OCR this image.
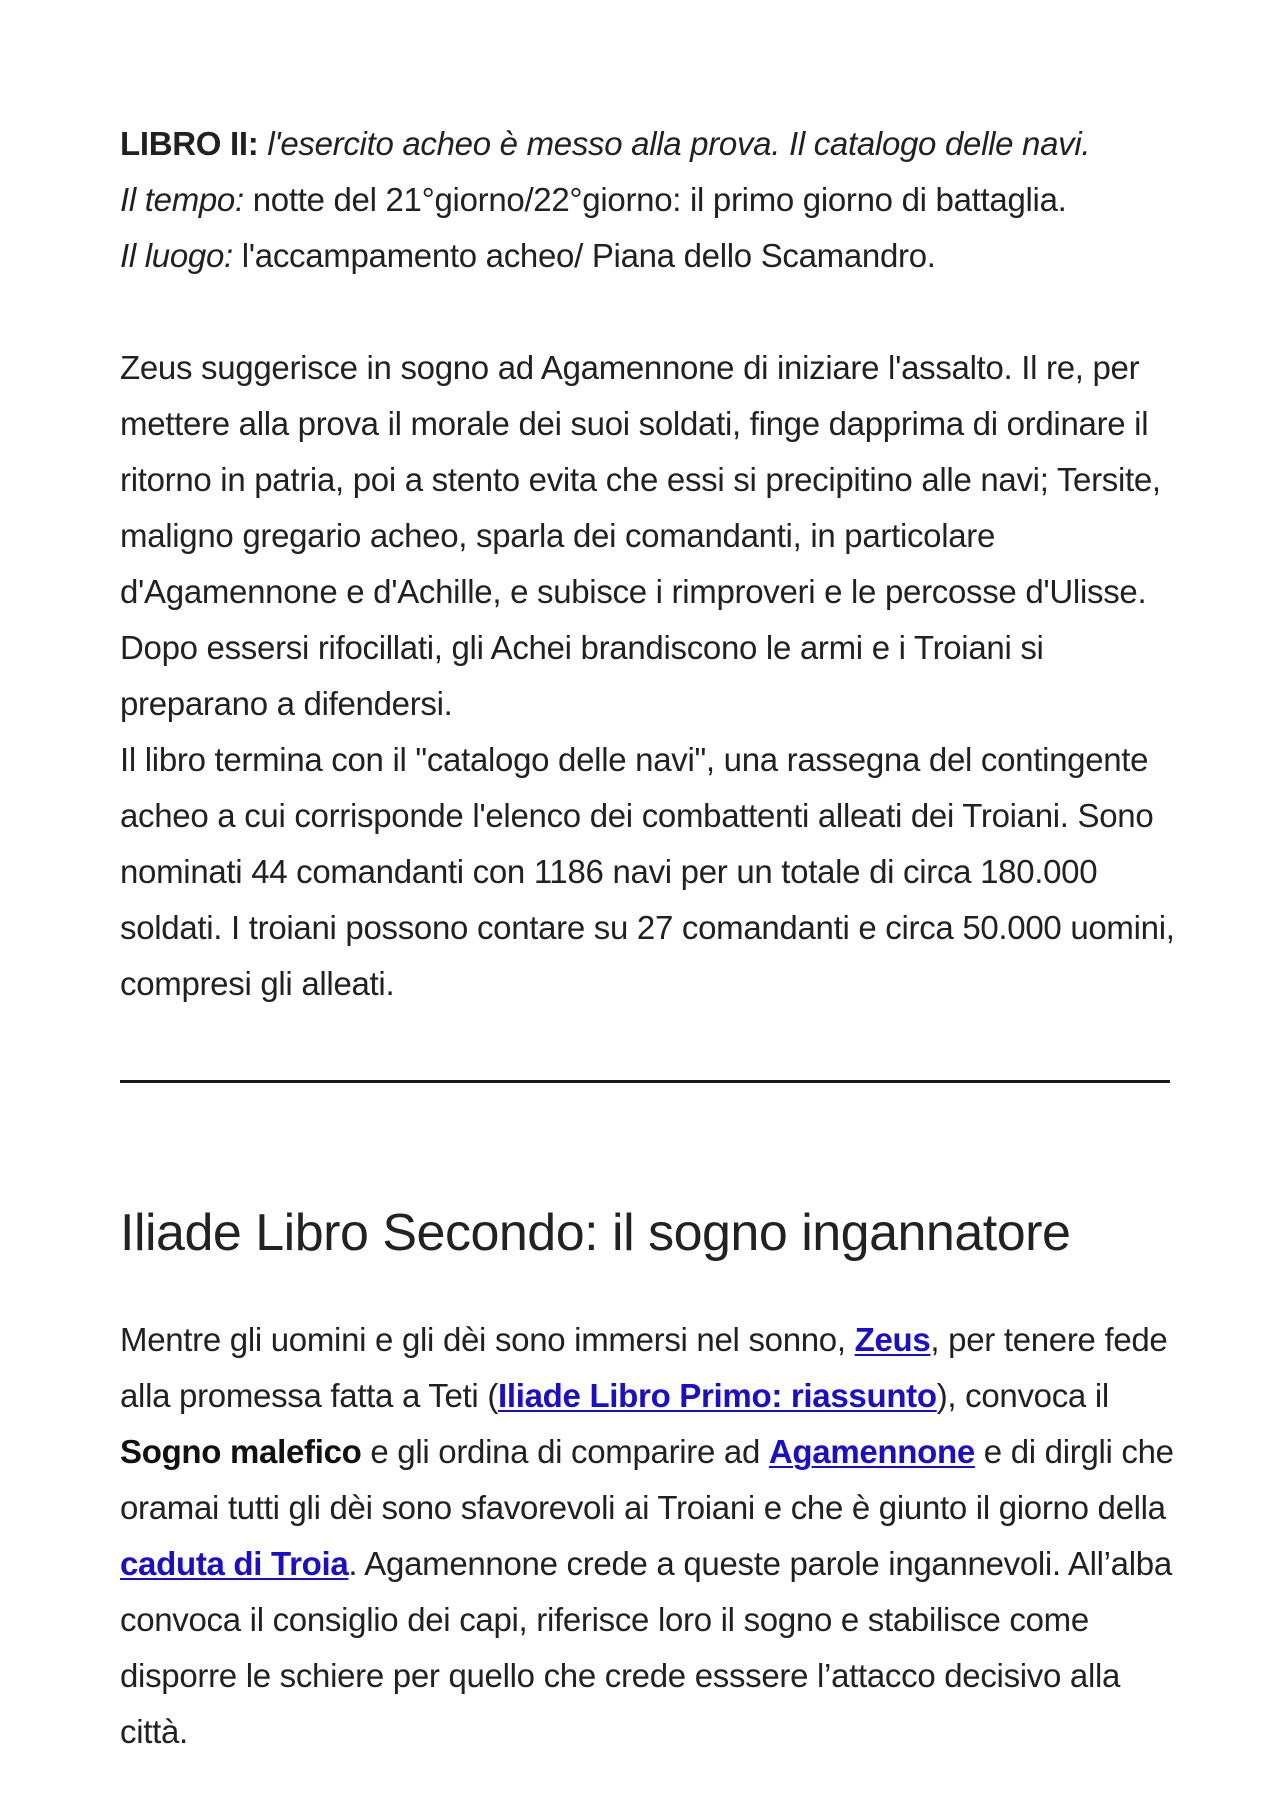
LIBRO II: l'esercito acheo è messo alla prova. Il catalogo delle navi.

Il tempo: notte del 21°giorno/22°giorno: il primo giorno di battaglia.

Il luogo: l'accampamento acheo/ Piana dello Scamandro.

Zeus suggerisce in sogno ad Agamennone di iniziare l'assalto. Il re, per mettere alla prova il morale dei suoi soldati, finge dapprima di ordinare il ritorno in patria, poi a stento evita che essi si precipitino alle navi; Tersite, maligno gregario acheo, sparla dei comandanti, in particolare d'Agamennone e d'Achille, e subisce i rimproveri e le percosse d'Ulisse. Dopo essersi rifocillati, gli Achei brandiscono le armi e i Troiani si preparano a difendersi.

Il libro termina con il "catalogo delle navi", una rassegna del contingente acheo a cui corrisponde l'elenco dei combattenti alleati dei Troiani. Sono nominati 44 comandanti con 1186 navi per un totale di circa 180.000 soldati. I troiani possono contare su 27 comandanti e circa 50.000 uomini, compresi gli alleati.

Iliade Libro Secondo: il sogno ingannatore

Mentre gli uomini e gli dèi sono immersi nel sonno, Zeus, per tenere fede alla promessa fatta a Teti (Iliade Libro Primo: riassunto), convoca il Sogno malefico e gli ordina di comparire ad Agamennone e di dirgli che oramai tutti gli dèi sono sfavorevoli ai Troiani e che è giunto il giorno della caduta di Troia. Agamennone crede a queste parole ingannevoli. All’alba convoca il consiglio dei capi, riferisce loro il sogno e stabilisce come disporre le schiere per quello che crede esssere l’attacco decisivo alla città.
